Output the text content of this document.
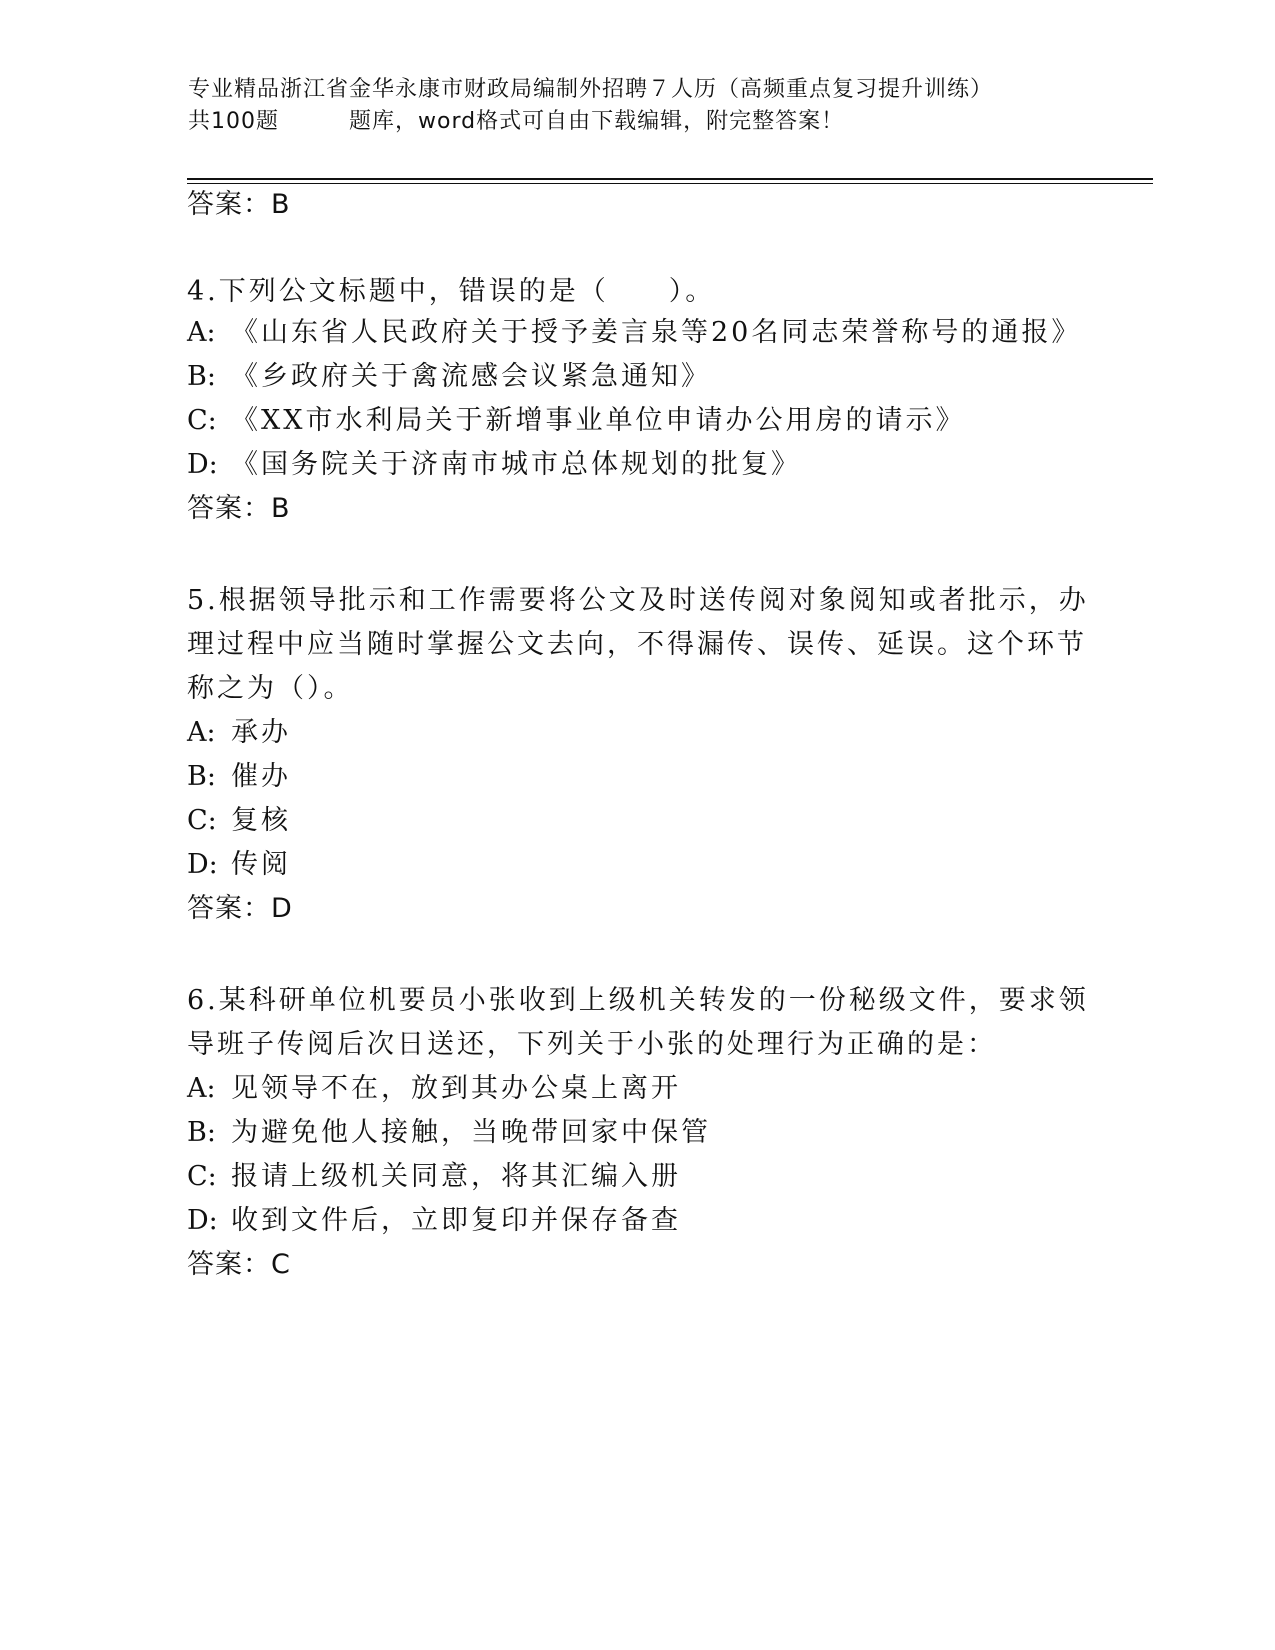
专业精品浙江省金华永康市财政局编制外招聘７人历（高频重点复习提升训练）
共100题	题库，word格式可自由下载编辑，附完整答案！
答案：B
4.下列公文标题中，错误的是（　　）。
A: 《山东省人民政府关于授予姜言泉等20名同志荣誉称号的通报》
B: 《乡政府关于禽流感会议紧急通知》
C: 《XX市水利局关于新增事业单位申请办公用房的请示》
D: 《国务院关于济南市城市总体规划的批复》
答案：B
5.根据领导批示和工作需要将公文及时送传阅对象阅知或者批示，办
理过程中应当随时掌握公文去向，不得漏传、误传、延误。这个环节
称之为（）。
A: 承办
B: 催办
C: 复核
D: 传阅
答案：D
6.某科研单位机要员小张收到上级机关转发的一份秘级文件，要求领
导班子传阅后次日送还，下列关于小张的处理行为正确的是：
A: 见领导不在，放到其办公桌上离开
B: 为避免他人接触，当晚带回家中保管
C: 报请上级机关同意，将其汇编入册
D: 收到文件后，立即复印并保存备查
答案：C
